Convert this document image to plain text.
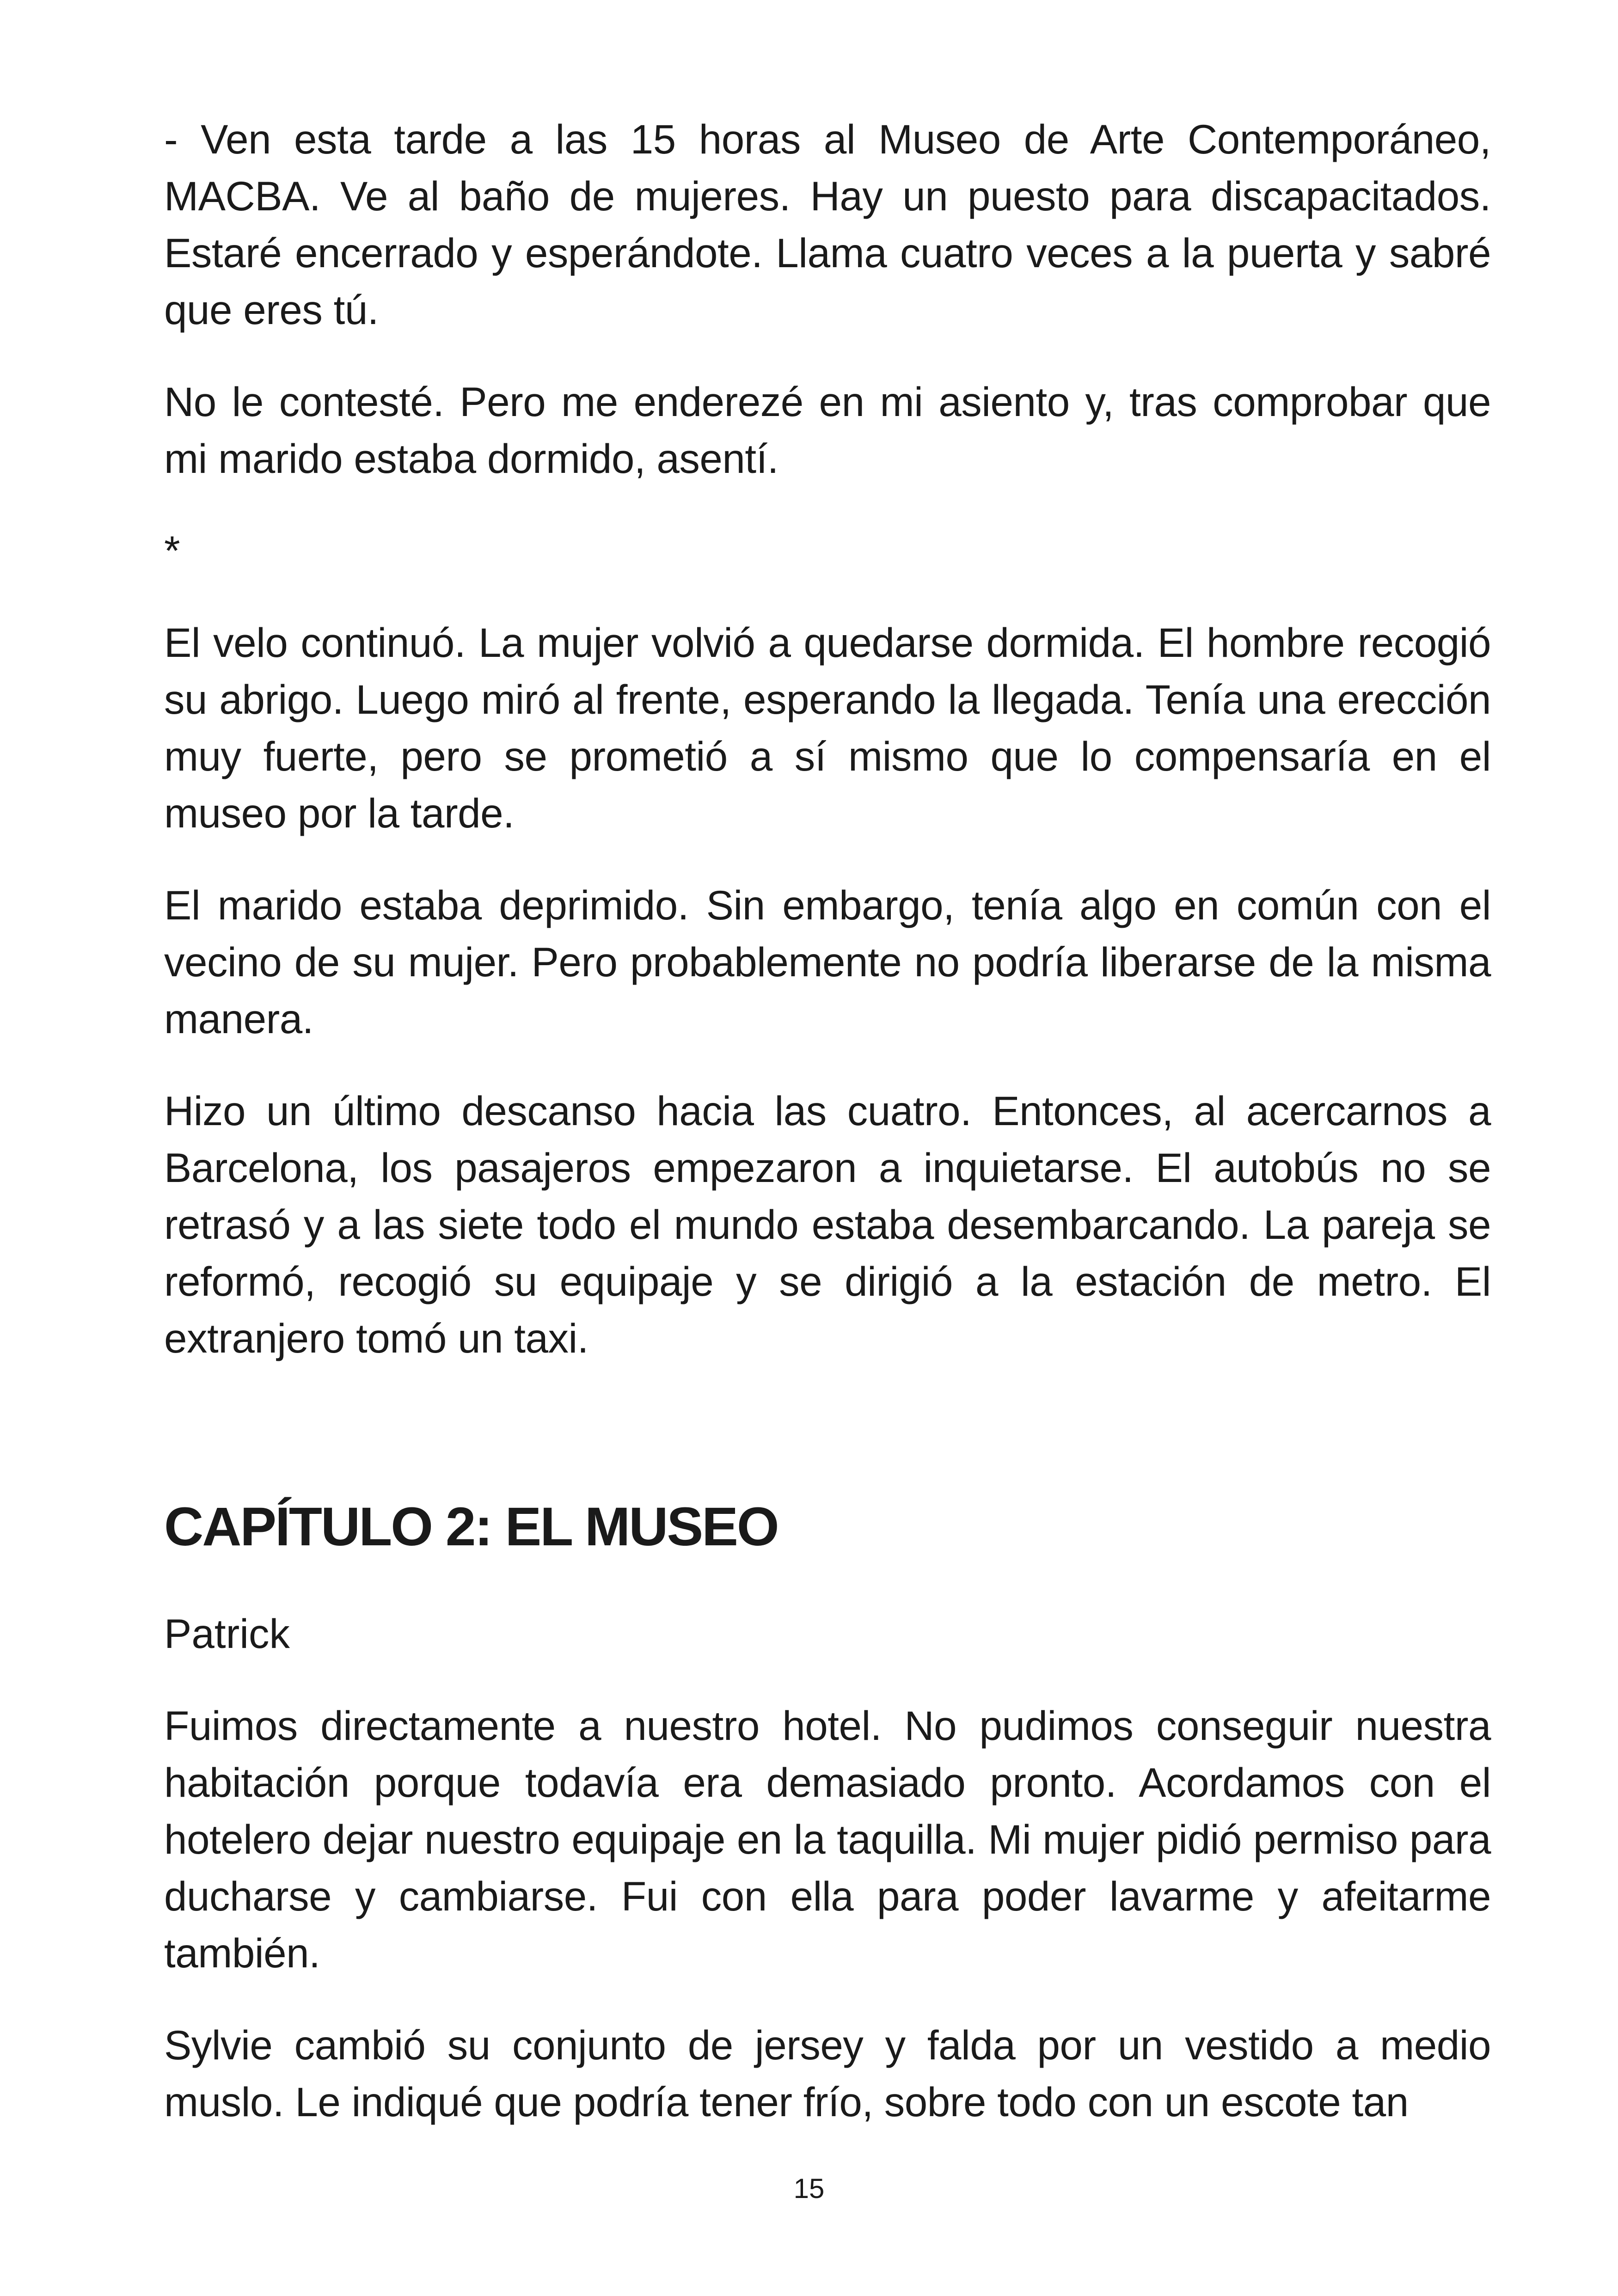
- Ven esta tarde a las 15 horas al Museo de Arte Contemporáneo, MACBA. Ve al baño de mujeres. Hay un puesto para discapacitados. Estaré encerrado y esperándote. Llama cuatro veces a la puerta y sabré que eres tú.

No le contesté. Pero me enderezé en mi asiento y, tras comprobar que mi marido estaba dormido, asentí.

*

El velo continuó. La mujer volvió a quedarse dormida. El hombre recogió su abrigo. Luego miró al frente, esperando la llegada. Tenía una erección muy fuerte, pero se prometió a sí mismo que lo compensaría en el museo por la tarde.

El marido estaba deprimido. Sin embargo, tenía algo en común con el vecino de su mujer. Pero probablemente no podría liberarse de la misma manera.

Hizo un último descanso hacia las cuatro. Entonces, al acercarnos a Barcelona, los pasajeros empezaron a inquietarse. El autobús no se retrasó y a las siete todo el mundo estaba desembarcando. La pareja se reformó, recogió su equipaje y se dirigió a la estación de metro. El extranjero tomó un taxi.

CAPÍTULO 2: EL MUSEO

Patrick

Fuimos directamente a nuestro hotel. No pudimos conseguir nuestra habitación porque todavía era demasiado pronto. Acordamos con el hotelero dejar nuestro equipaje en la taquilla. Mi mujer pidió permiso para ducharse y cambiarse. Fui con ella para poder lavarme y afeitarme también.

Sylvie cambió su conjunto de jersey y falda por un vestido a medio muslo. Le indiqué que podría tener frío, sobre todo con un escote tan

15
